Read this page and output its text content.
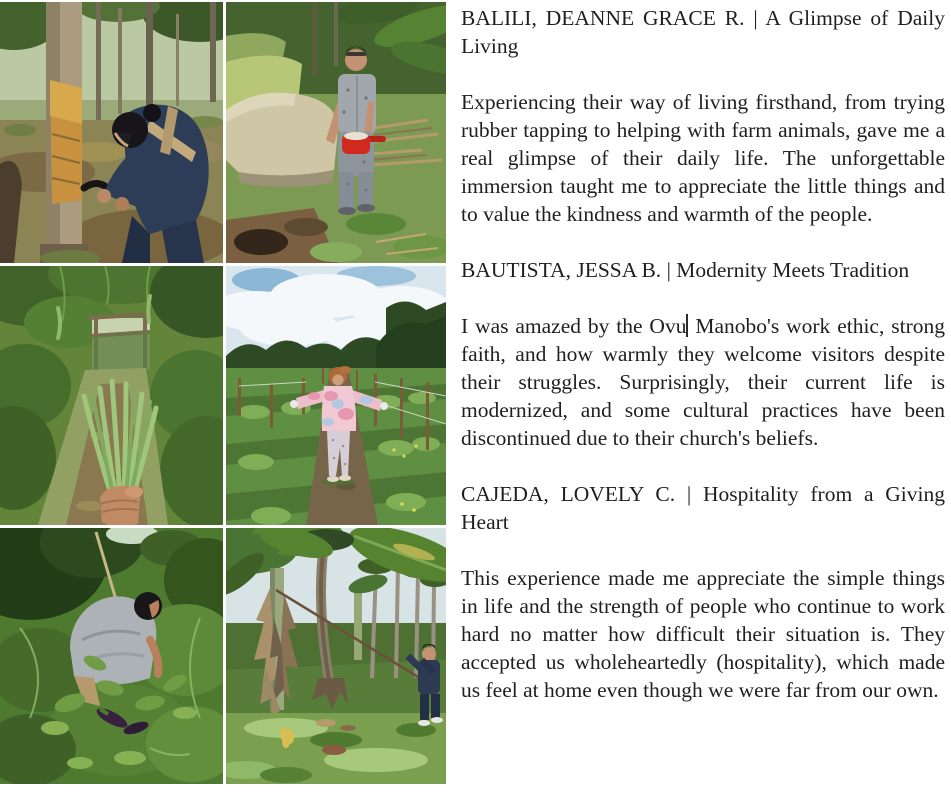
BALILI, DEANNE GRACE R. | A Glimpse of Daily Living

Experiencing their way of living firsthand, from trying rubber tapping to helping with farm animals, gave me a real glimpse of their daily life. The unforgettable immersion taught me to appreciate the little things and to value the kindness and warmth of the people.

BAUTISTA, JESSA B. | Modernity Meets Tradition

I was amazed by the Ovu Manobo's work ethic, strong faith, and how warmly they welcome visitors despite their struggles. Surprisingly, their current life is modernized, and some cultural practices have been discontinued due to their church's beliefs.

CAJEDA, LOVELY C. | Hospitality from a Giving Heart

This experience made me appreciate the simple things in life and the strength of people who continue to work hard no matter how difficult their situation is. They accepted us wholeheartedly (hospitality), which made us feel at home even though we were far from our own.
